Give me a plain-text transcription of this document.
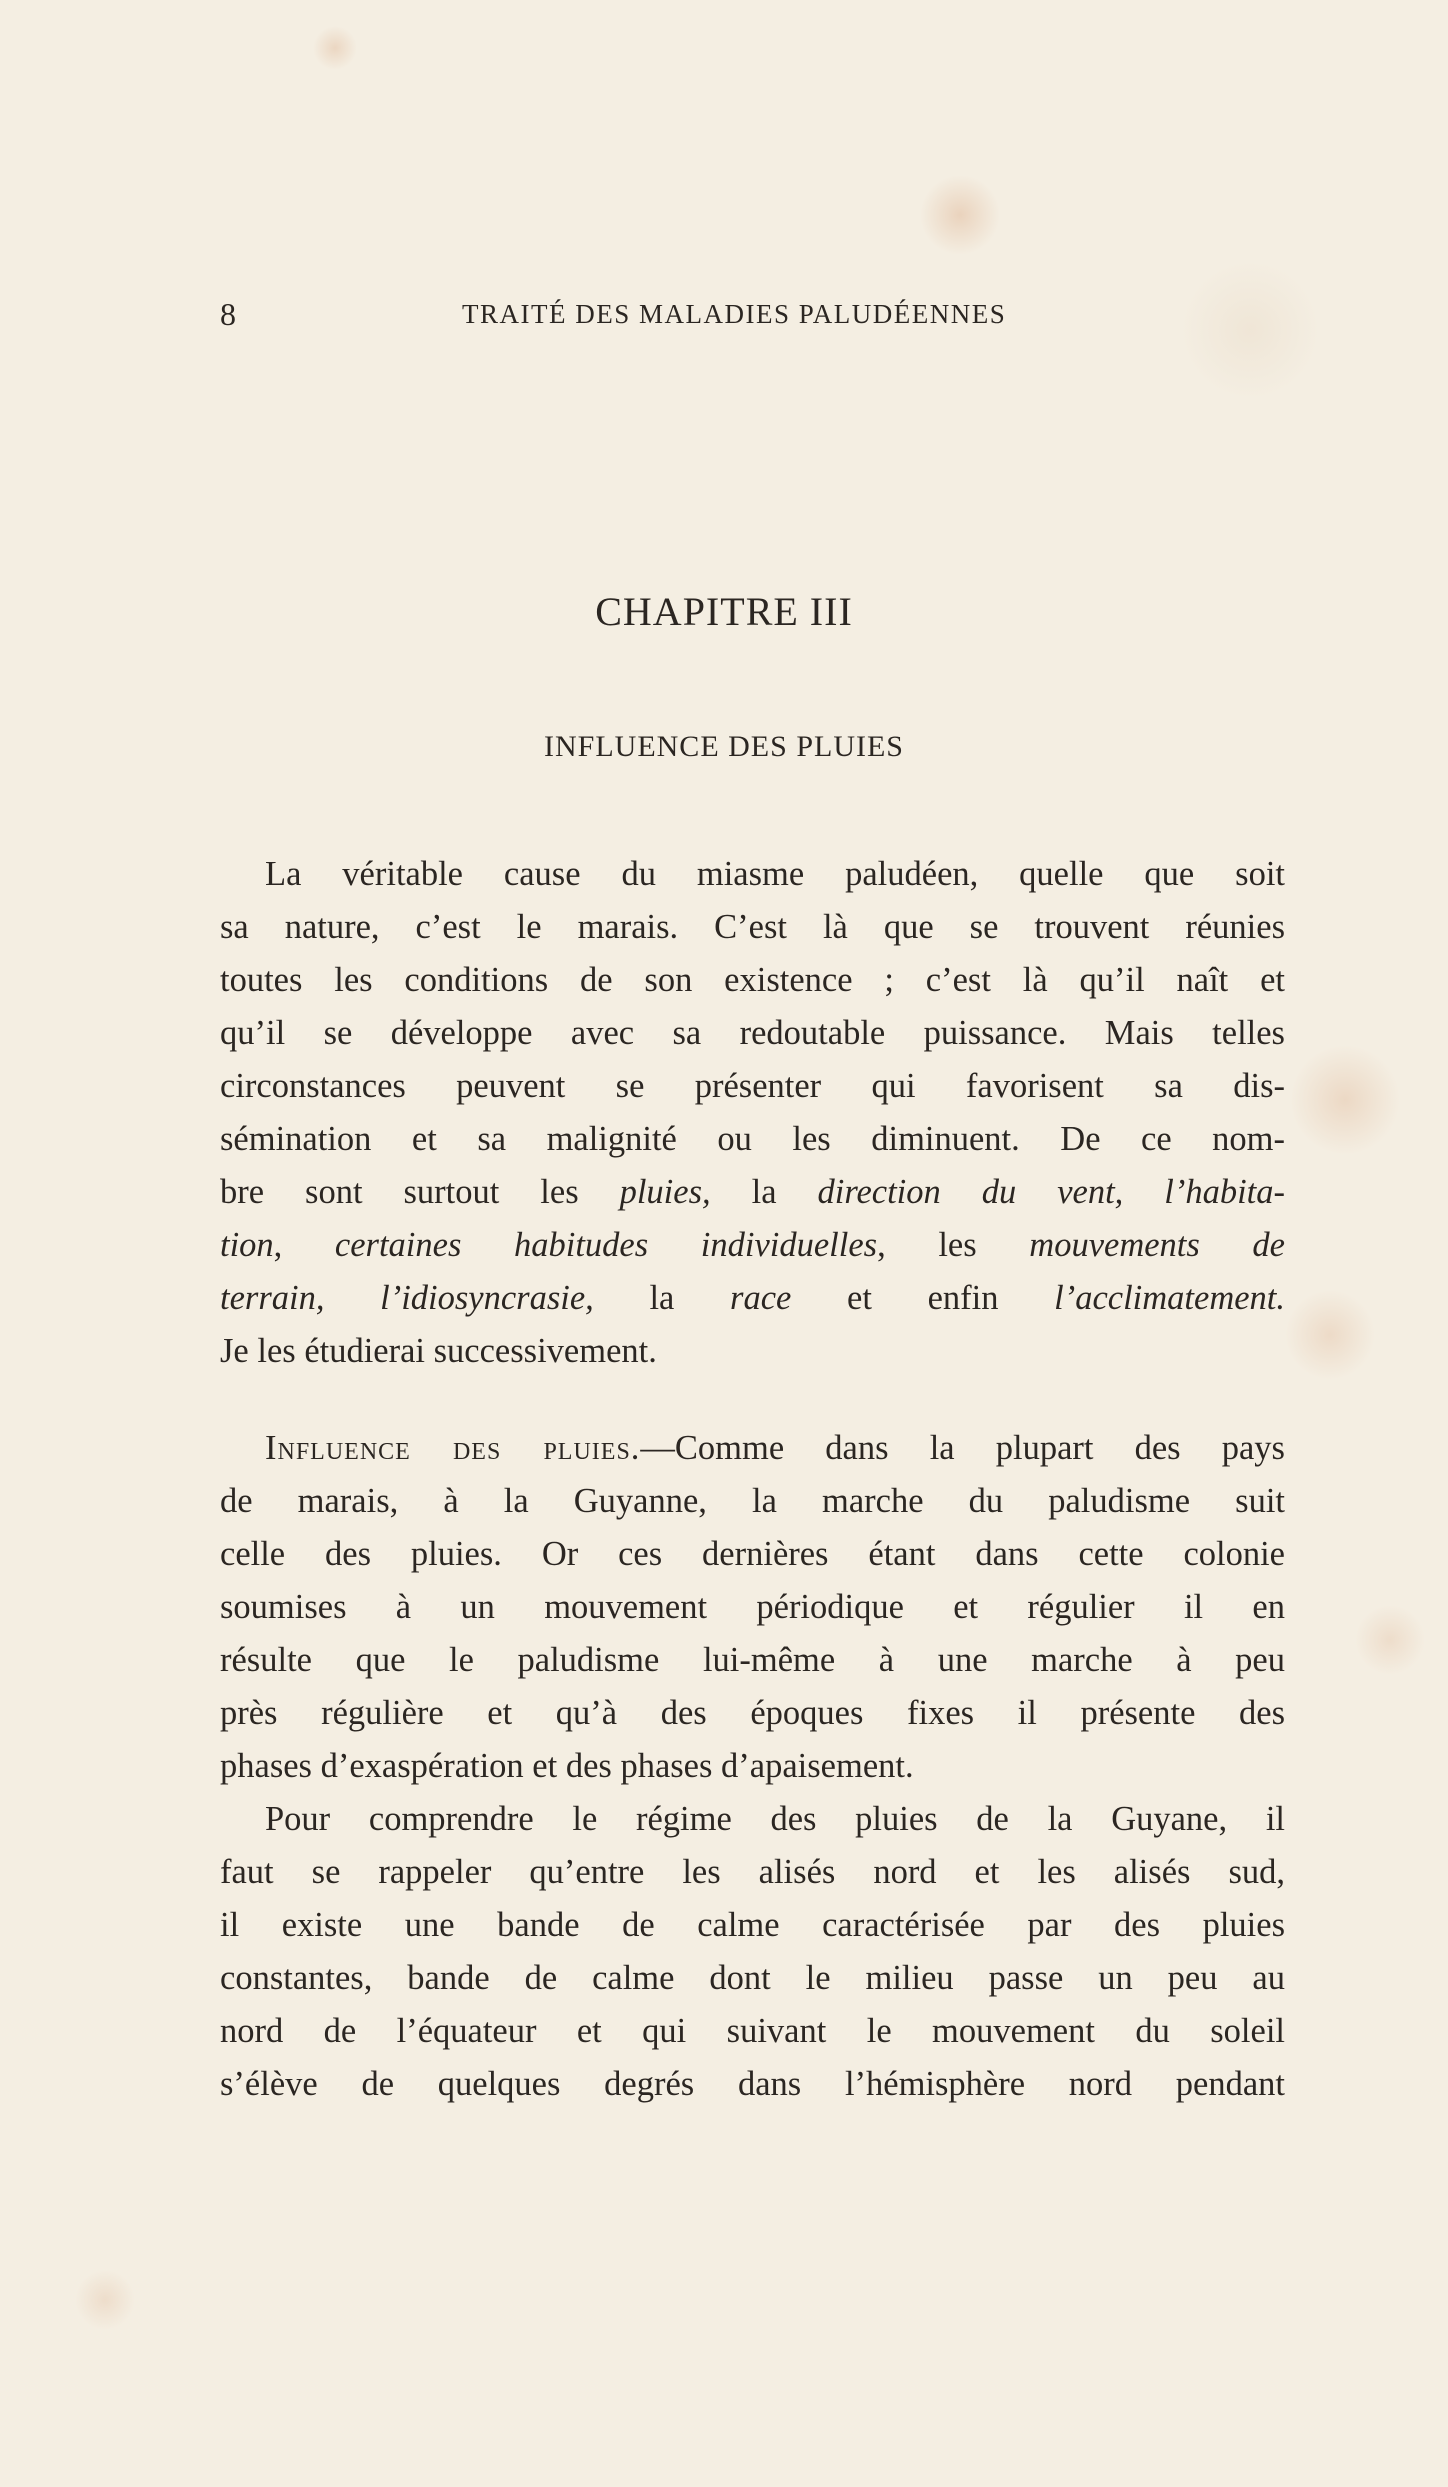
8	TRAITÉ DES MALADIES PALUDÉENNES
CHAPITRE III
INFLUENCE DES PLUIES
La véritable cause du miasme paludéen, quelle que soit
sa nature, c’est le marais. C’est là que se trouvent réunies
toutes les conditions de son existence ; c’est là qu’il naît et
qu’il se développe avec sa redoutable puissance. Mais telles
circonstances peuvent se présenter qui favorisent sa dis-
sémination et sa malignité ou les diminuent. De ce nom-
bre sont surtout les pluies, la direction du vent, l’habita-
tion, certaines habitudes individuelles, les mouvements de
terrain, l’idiosyncrasie, la race et enfin l’acclimatement.
Je les étudierai successivement.
Influence des pluies.—Comme dans la plupart des pays
de marais, à la Guyanne, la marche du paludisme suit
celle des pluies. Or ces dernières étant dans cette colonie
soumises à un mouvement périodique et régulier il en
résulte que le paludisme lui-même à une marche à peu
près régulière et qu’à des époques fixes il présente des
phases d’exaspération et des phases d’apaisement.
Pour comprendre le régime des pluies de la Guyane, il
faut se rappeler qu’entre les alisés nord et les alisés sud,
il existe une bande de calme caractérisée par des pluies
constantes, bande de calme dont le milieu passe un peu au
nord de l’équateur et qui suivant le mouvement du soleil
s’élève de quelques degrés dans l’hémisphère nord pendant
